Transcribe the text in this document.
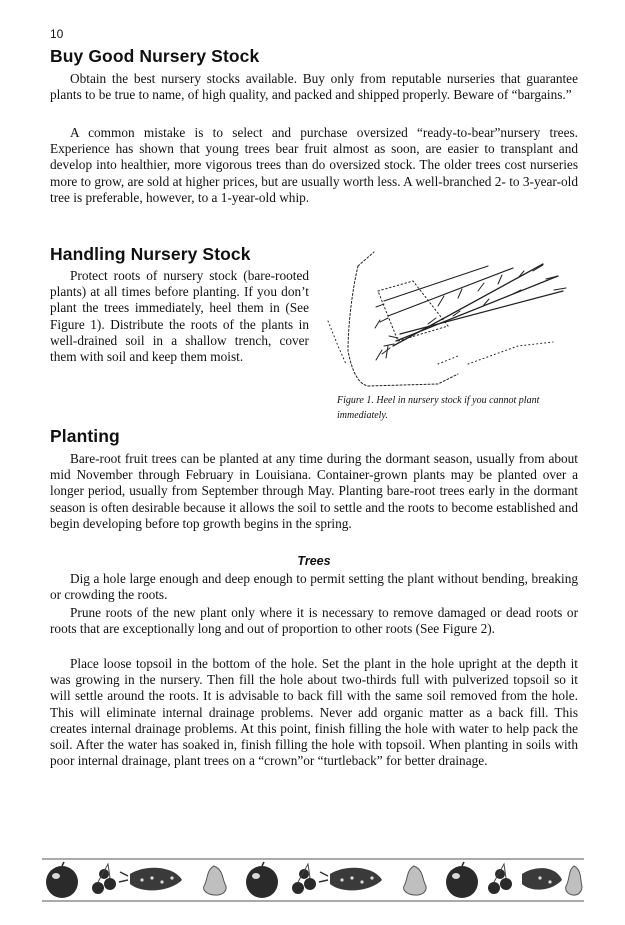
10
Buy Good Nursery Stock

Obtain the best nursery stocks available. Buy only from reputable nurseries that guarantee plants to be true to name, of high quality, and packed and shipped properly. Beware of “bargains.”

A common mistake is to select and purchase oversized “ready-to-bear”nursery trees. Experience has shown that young trees bear fruit almost as soon, are easier to transplant and develop into healthier, more vigorous trees than do oversized stock. The older trees cost nurseries more to grow, are sold at higher prices, but are usually worth less. A well-branched 2- to 3-year-old tree is preferable, however, to a 1-year-old whip.

Handling Nursery Stock

Protect roots of nursery stock (bare-rooted plants) at all times before planting. If you don’t plant the trees immediately, heel them in (See Figure 1). Distribute the roots of the plants in well-drained soil in a shallow trench, cover them with soil and keep them moist.

Figure 1. Heel in nursery stock if you cannot plant immediately.
Planting

Bare-root fruit trees can be planted at any time during the dormant season, usually from about mid November through February in Louisiana. Container-grown plants may be planted over a longer period, usually from September through May. Planting bare-root trees early in the dormant season is often desirable because it allows the soil to settle and the roots to become established and begin developing before top growth begins in the spring.

Trees

Dig a hole large enough and deep enough to permit setting the plant without bending, breaking or crowding the roots.

Prune roots of the new plant only where it is necessary to remove damaged or dead roots or roots that are exceptionally long and out of proportion to other roots (See Figure 2).

Place loose topsoil in the bottom of the hole. Set the plant in the hole upright at the depth it was growing in the nursery. Then fill the hole about two-thirds full with pulverized topsoil so it will settle around the roots. It is advisable to back fill with the same soil removed from the hole. This will eliminate internal drainage problems. Never add organic matter as a back fill. This creates internal drainage problems. At this point, finish filling the hole with water to help pack the soil. After the water has soaked in, finish filling the hole with topsoil. When planting in soils with poor internal drainage, plant trees on a “crown”or “turtleback” for better drainage.
